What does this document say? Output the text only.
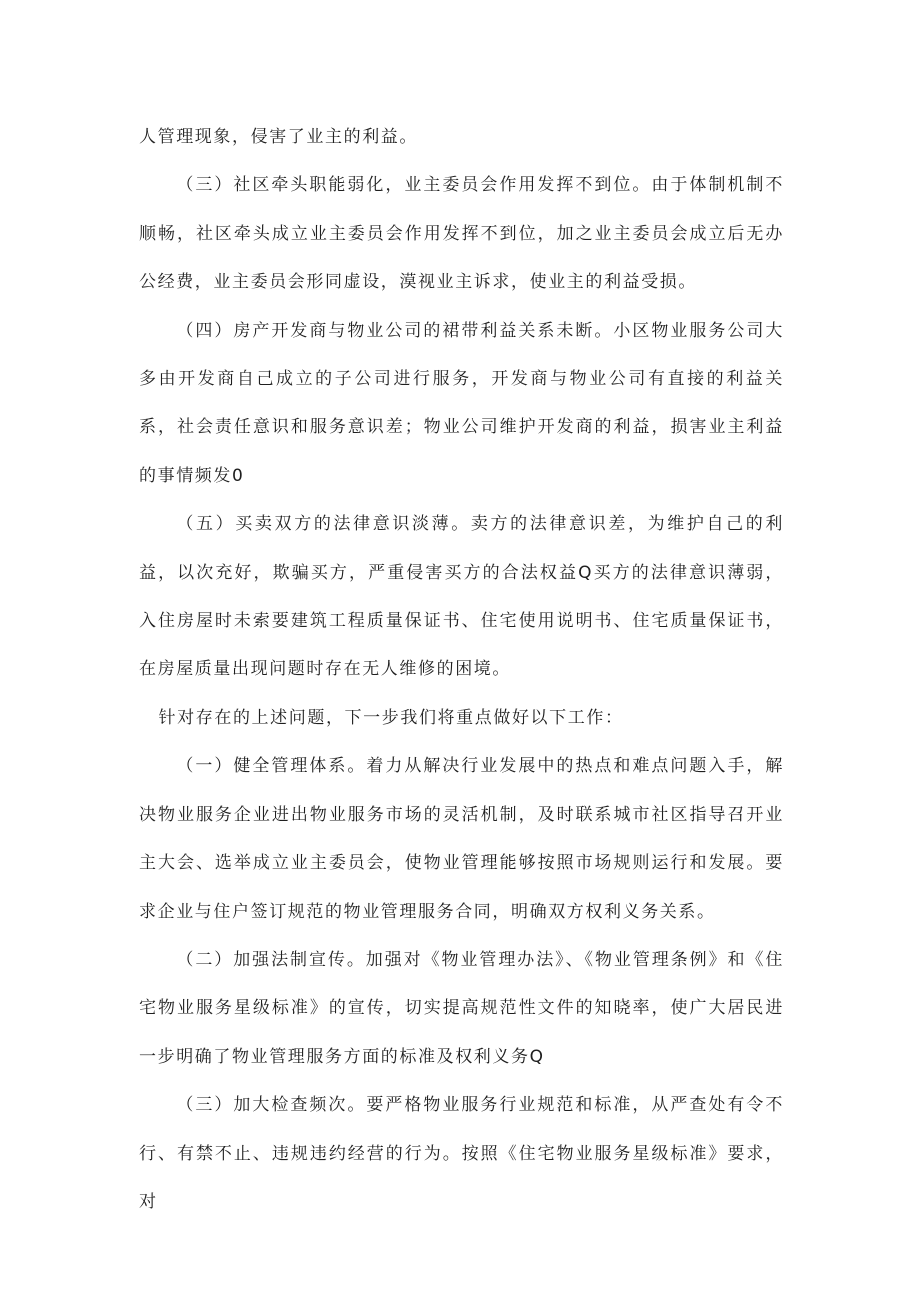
人管理现象，侵害了业主的利益。

（三）社区牵头职能弱化，业主委员会作用发挥不到位。由于体制机制不顺畅，社区牵头成立业主委员会作用发挥不到位，加之业主委员会成立后无办公经费，业主委员会形同虚设，漠视业主诉求，使业主的利益受损。

（四）房产开发商与物业公司的裙带利益关系未断。小区物业服务公司大多由开发商自己成立的子公司进行服务，开发商与物业公司有直接的利益关系，社会责任意识和服务意识差；物业公司维护开发商的利益，损害业主利益的事情频发0

（五）买卖双方的法律意识淡薄。卖方的法律意识差，为维护自己的利益，以次充好，欺骗买方，严重侵害买方的合法权益Q买方的法律意识薄弱，入住房屋时未索要建筑工程质量保证书、住宅使用说明书、住宅质量保证书，在房屋质量出现问题时存在无人维修的困境。

针对存在的上述问题，下一步我们将重点做好以下工作：

（一）健全管理体系。着力从解决行业发展中的热点和难点问题入手，解决物业服务企业进出物业服务市场的灵活机制，及时联系城市社区指导召开业主大会、选举成立业主委员会，使物业管理能够按照市场规则运行和发展。要求企业与住户签订规范的物业管理服务合同，明确双方权利义务关系。

（二）加强法制宣传。加强对《物业管理办法》、《物业管理条例》和《住宅物业服务星级标准》的宣传，切实提高规范性文件的知晓率，使广大居民进一步明确了物业管理服务方面的标准及权利义务Q

（三）加大检查频次。要严格物业服务行业规范和标准，从严查处有令不行、有禁不止、违规违约经营的行为。按照《住宅物业服务星级标准》要求，对
